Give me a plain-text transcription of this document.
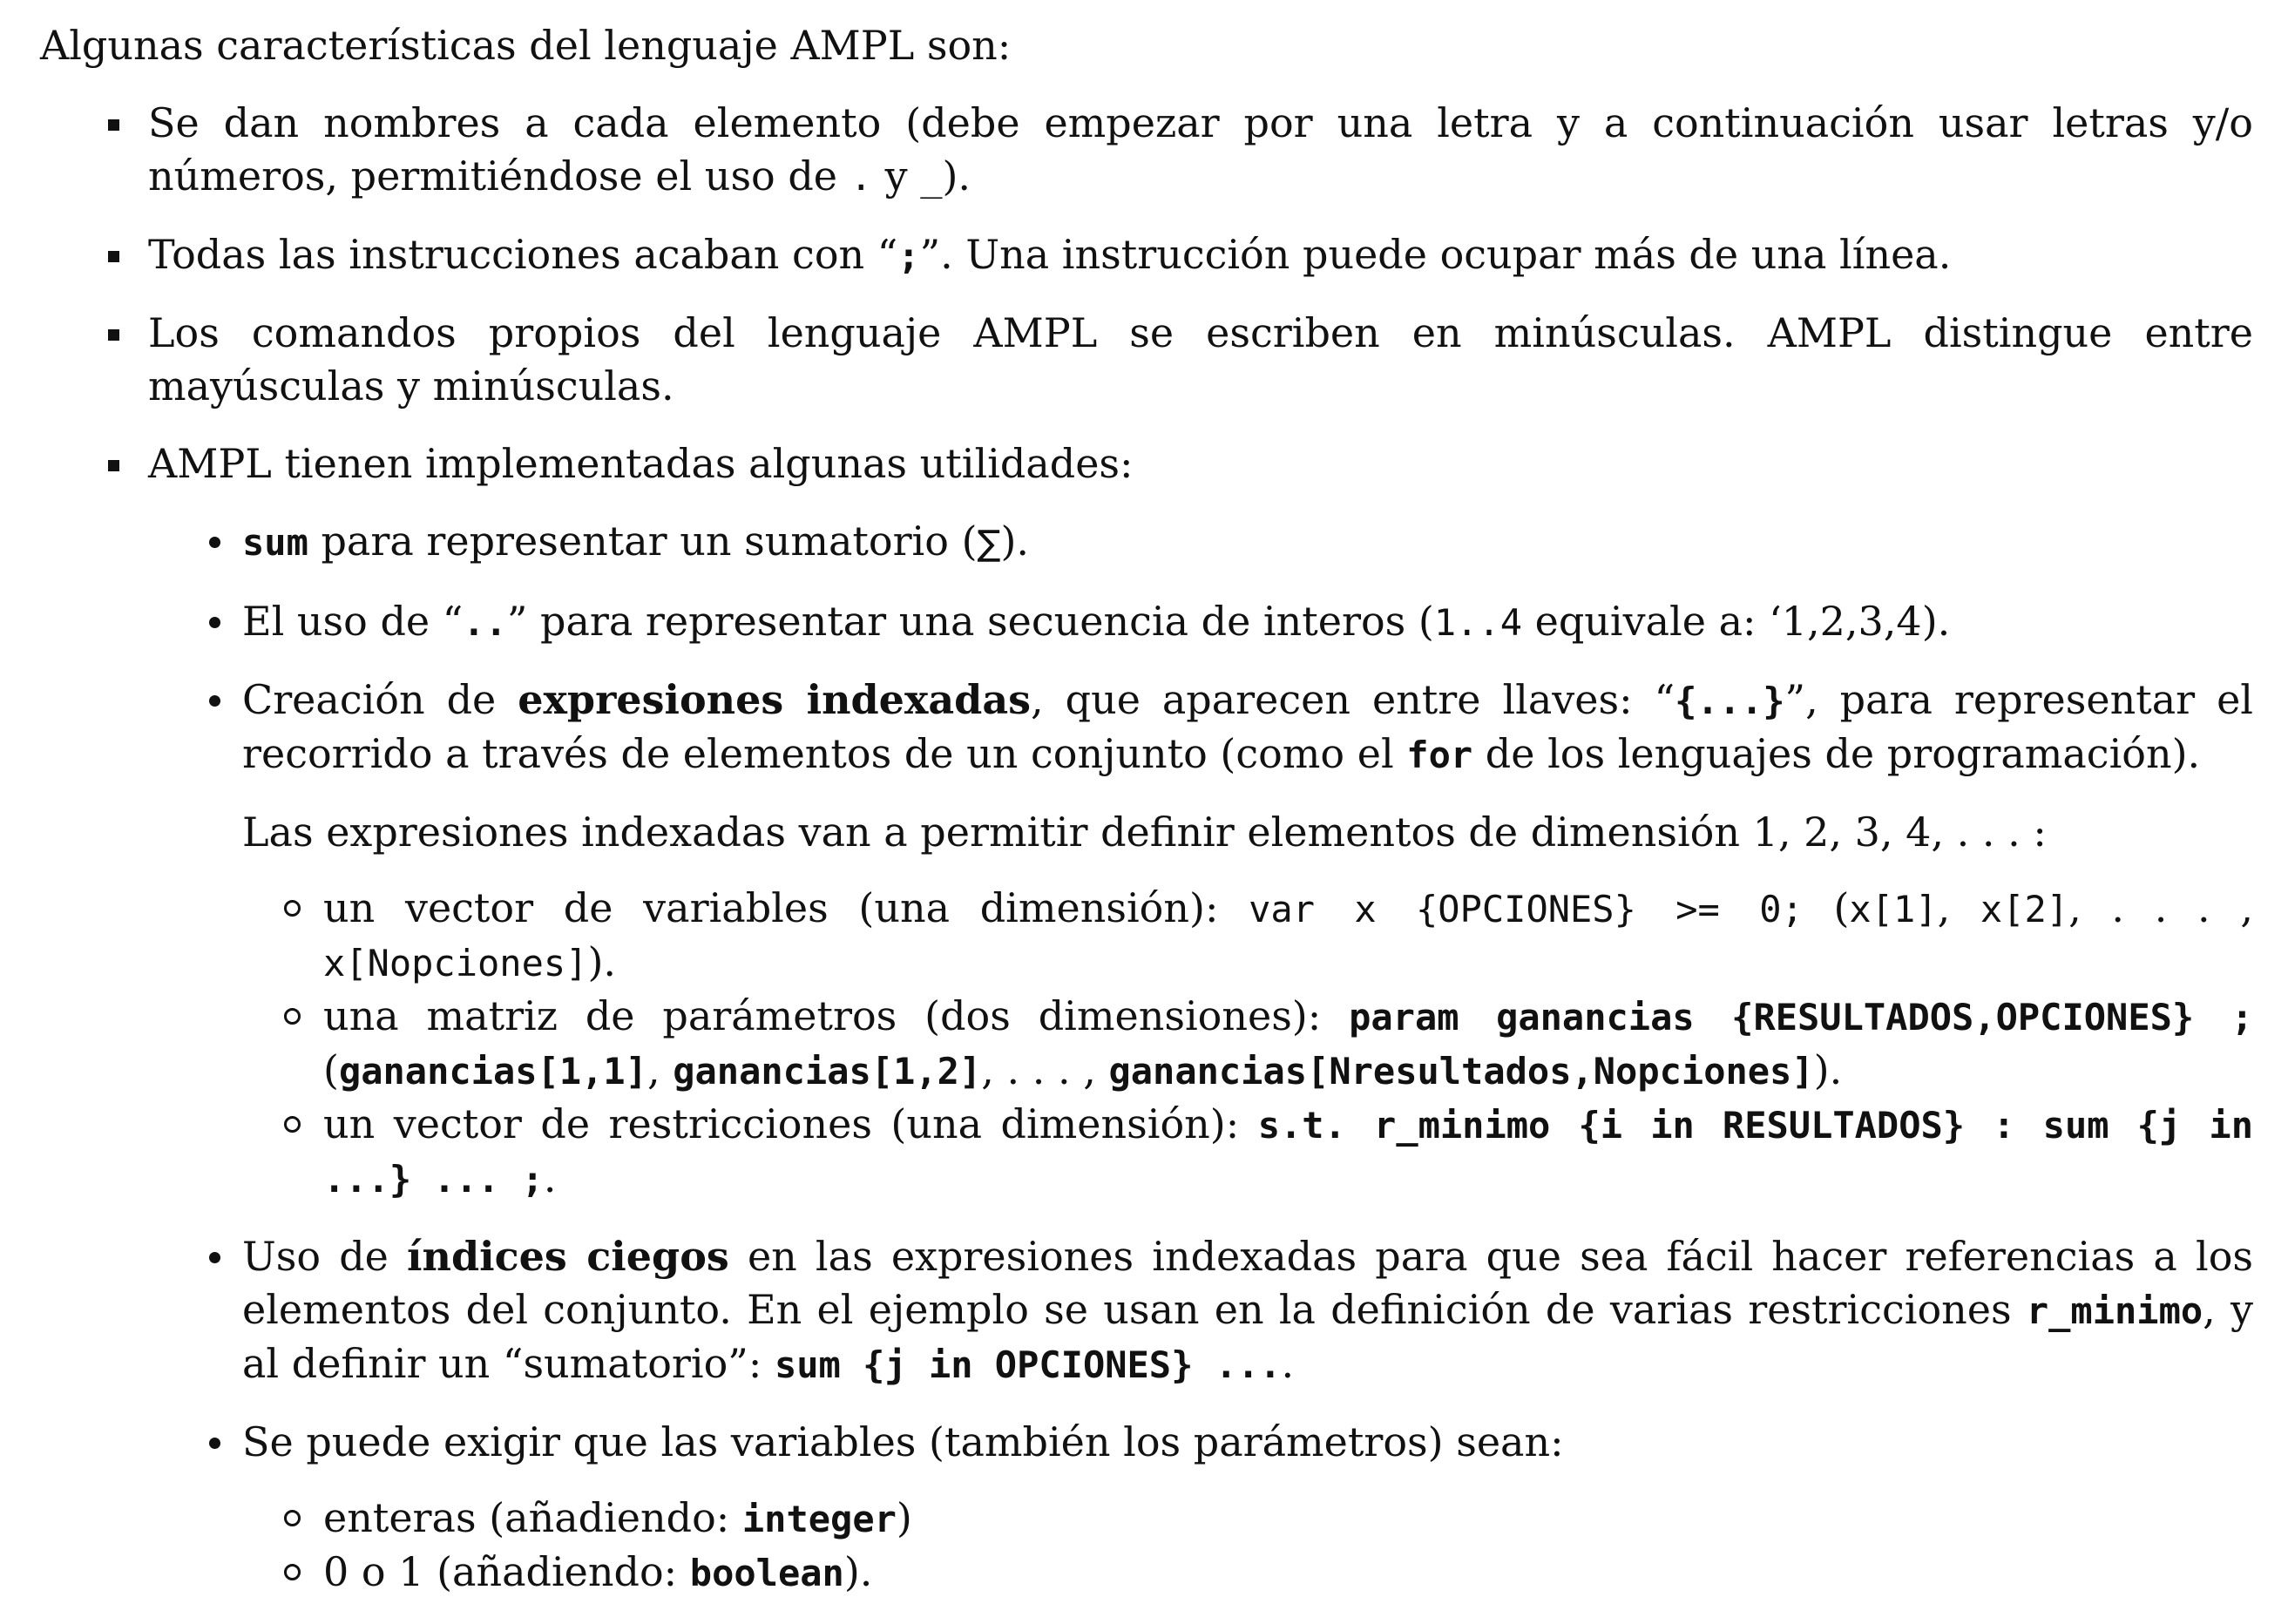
Algunas características del lenguaje AMPL son:

Se dan nombres a cada elemento (debe empezar por una letra y a continuación usar letras y/o números, permitiéndose el uso de . y _).
Todas las instrucciones acaban con “;”. Una instrucción puede ocupar más de una línea.
Los comandos propios del lenguaje AMPL se escriben en minúsculas. AMPL distingue entre mayúsculas y minúsculas.
AMPL tienen implementadas algunas utilidades:
sum para representar un sumatorio (∑).
El uso de “..” para representar una secuencia de interos (1..4 equivale a: ‘1,2,3,4).
Creación de expresiones indexadas, que aparecen entre llaves: “{...}”, para representar el recorrido a través de elementos de un conjunto (como el for de los lenguajes de programación).

Las expresiones indexadas van a permitir definir elementos de dimensión 1, 2, 3, 4, . . . :

un vector de variables (una dimensión): var x {OPCIONES} >= 0; (x[1], x[2], . . . , x[Nopciones]).
una matriz de parámetros (dos dimensiones): param ganancias {RESULTADOS,OPCIONES} ; (ganancias[1,1], ganancias[1,2], . . . , ganancias[Nresultados,Nopciones]).
un vector de restricciones (una dimensión): s.t. r_minimo {i in RESULTADOS} : sum {j in ...} ... ;.
Uso de índices ciegos en las expresiones indexadas para que sea fácil hacer referencias a los elementos del conjunto. En el ejemplo se usan en la definición de varias restricciones r_minimo, y al definir un “sumatorio”: sum {j in OPCIONES} ....
Se puede exigir que las variables (también los parámetros) sean:
enteras (añadiendo: integer)
0 o 1 (añadiendo: boolean).
